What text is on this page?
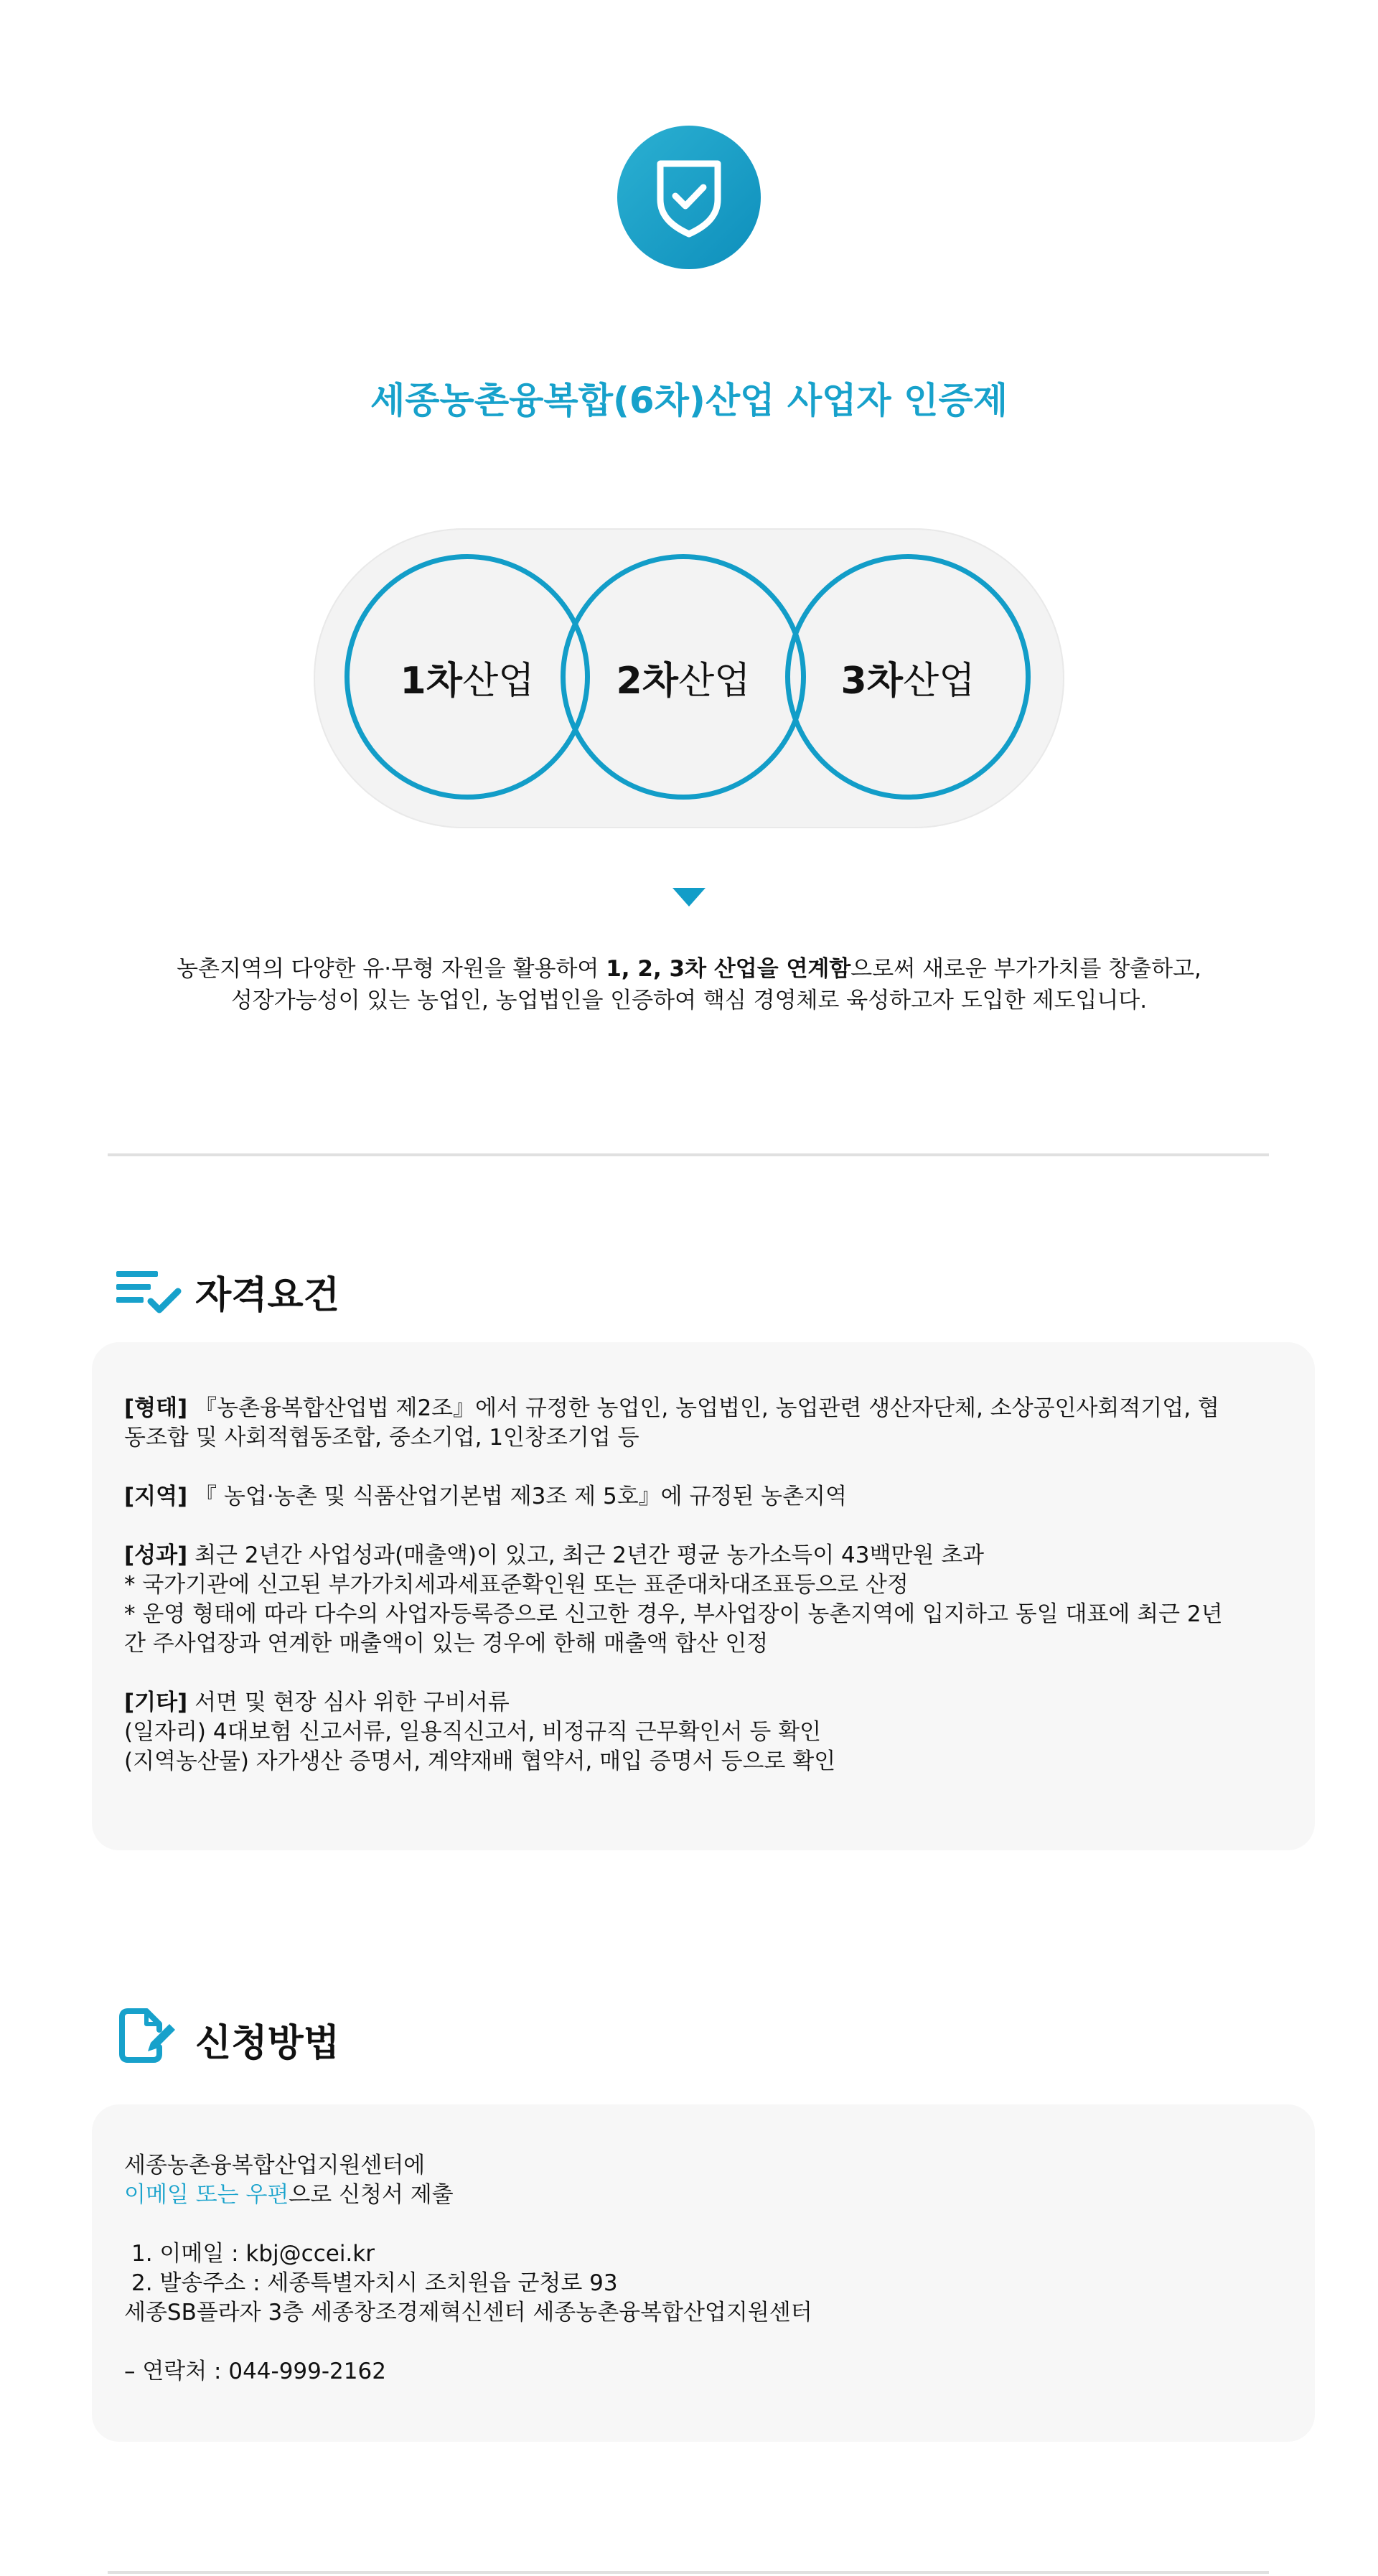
세종농촌융복합(6차)산업 사업자 인증제
1차 산업 2차 산업 3차 산업
농촌지역의 다양한 유·무형 자원을 활용하여 1, 2, 3차 산업을 연계함으로써 새로운 부가가치를 창출하고,
성장가능성이 있는 농업인, 농업법인을 인증하여 핵심 경영체로 육성하고자 도입한 제도입니다.
자격요건

[형태] 『농촌융복합산업법 제2조』에서 규정한 농업인, 농업법인, 농업관련 생산자단체, 소상공인사회적기업, 협

동조합 및 사회적협동조합, 중소기업, 1인창조기업 등

[지역] 『 농업·농촌 및 식품산업기본법 제3조 제 5호』에 규정된 농촌지역

[성과] 최근 2년간 사업성과(매출액)이 있고, 최근 2년간 평균 농가소득이 43백만원 초과

* 국가기관에 신고된 부가가치세과세표준확인원 또는 표준대차대조표등으로 산정

* 운영 형태에 따라 다수의 사업자등록증으로 신고한 경우, 부사업장이 농촌지역에 입지하고 동일 대표에 최근 2년

간 주사업장과 연계한 매출액이 있는 경우에 한해 매출액 합산 인정

[기타] 서면 및 현장 심사 위한 구비서류

(일자리) 4대보험 신고서류, 일용직신고서, 비정규직 근무확인서 등 확인

(지역농산물) 자가생산 증명서, 계약재배 협약서, 매입 증명서 등으로 확인

신청방법

세종농촌융복합산업지원센터에

이메일 또는 우편으로 신청서 제출

1. 이메일 : kbj@ccei.kr

2. 발송주소 : 세종특별자치시 조치원읍 군청로 93

세종SB플라자 3층 세종창조경제혁신센터 세종농촌융복합산업지원센터

– 연락처 : 044-999-2162
